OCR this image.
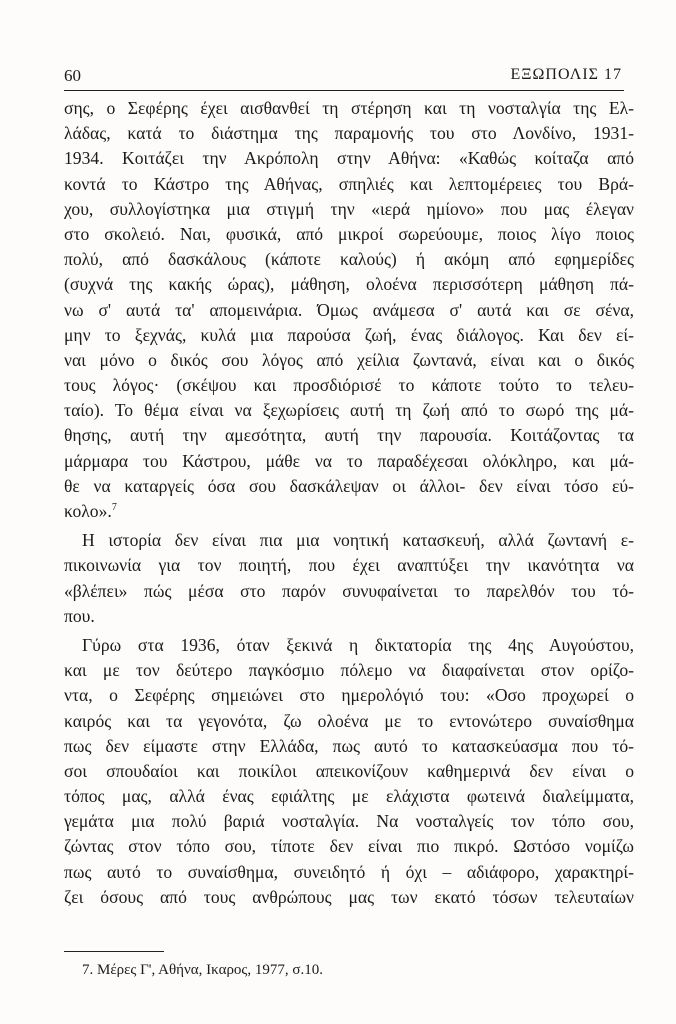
60	ΕΞΩΠΟΛΙΣ 17
σης, ο Σεφέρης έχει αισθανθεί τη στέρηση και τη νοσταλγία της Ελ-
λάδας, κατά το διάστημα της παραμονής του στο Λονδίνο, 1931-
1934. Κοιτάζει την Ακρόπολη στην Αθήνα: «Καθώς κοίταζα από
κοντά το Κάστρο της Αθήνας, σπηλιές και λεπτομέρειες του Βρά-
χου, συλλογίστηκα μια στιγμή την «ιερά ημίονο» που μας έλεγαν
στο σκολειό. Ναι, φυσικά, από μικροί σωρεύουμε, ποιος λίγο ποιος
πολύ, από δασκάλους (κάποτε καλούς) ή ακόμη από εφημερίδες
(συχνά της κακής ώρας), μάθηση, ολοένα περισσότερη μάθηση πά-
νω σ' αυτά τα' απομεινάρια. Όμως ανάμεσα σ' αυτά και σε σένα,
μην το ξεχνάς, κυλά μια παρούσα ζωή, ένας διάλογος. Και δεν εί-
ναι μόνο ο δικός σου λόγος από χείλια ζωντανά, είναι και ο δικός
τους λόγος· (σκέψου και προσδιόρισέ το κάποτε τούτο το τελευ-
ταίο). Το θέμα είναι να ξεχωρίσεις αυτή τη ζωή από το σωρό της μά-
θησης, αυτή την αμεσότητα, αυτή την παρουσία. Κοιτάζοντας τα
μάρμαρα του Κάστρου, μάθε να το παραδέχεσαι ολόκληρο, και μά-
θε να καταργείς όσα σου δασκάλεψαν οι άλλοι- δεν είναι τόσο εύ-
κολο».$^7$
Η ιστορία δεν είναι πια μια νοητική κατασκευή, αλλά ζωντανή ε-
πικοινωνία για τον ποιητή, που έχει αναπτύξει την ικανότητα να
«βλέπει» πώς μέσα στο παρόν συνυφαίνεται το παρελθόν του τό-
που.
Γύρω στα 1936, όταν ξεκινά η δικτατορία της 4ης Αυγούστου,
και με τον δεύτερο παγκόσμιο πόλεμο να διαφαίνεται στον ορίζο-
ντα, ο Σεφέρης σημειώνει στο ημερολόγιό του: «Οσο προχωρεί ο
καιρός και τα γεγονότα, ζω ολοένα με το εντονώτερο συναίσθημα
πως δεν είμαστε στην Ελλάδα, πως αυτό το κατασκεύασμα που τό-
σοι σπουδαίοι και ποικίλοι απεικονίζουν καθημερινά δεν είναι ο
τόπος μας, αλλά ένας εφιάλτης με ελάχιστα φωτεινά διαλείμματα,
γεμάτα μια πολύ βαριά νοσταλγία. Να νοσταλγείς τον τόπο σου,
ζώντας στον τόπο σου, τίποτε δεν είναι πιο πικρό. Ωστόσο νομίζω
πως αυτό το συναίσθημα, συνειδητό ή όχι – αδιάφορο, χαρακτηρί-
ζει όσους από τους ανθρώπους μας των εκατό τόσων τελευταίων
7. Μέρες Γ', Αθήνα, Ικαρος, 1977, σ.10.
